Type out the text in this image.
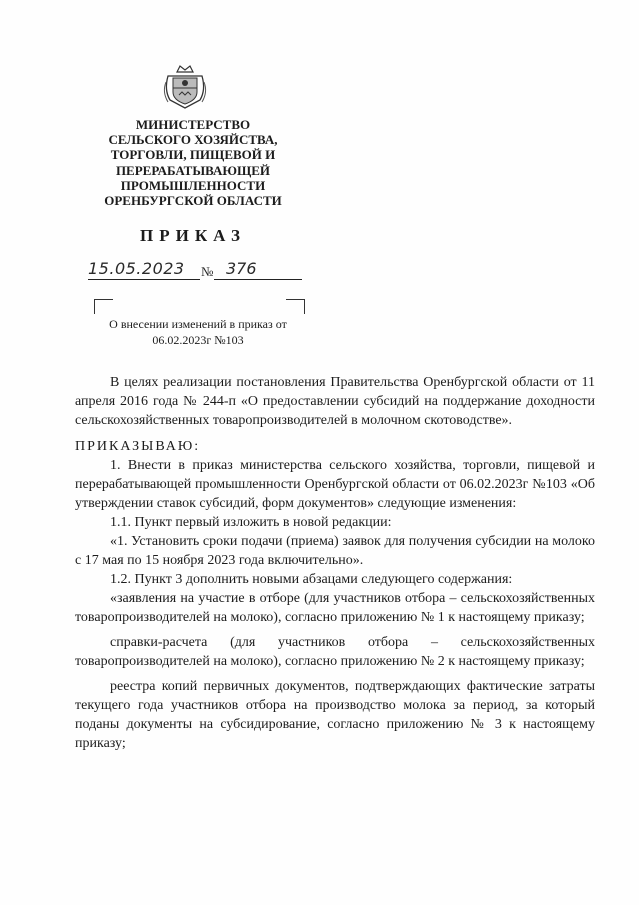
МИНИСТЕРСТВО
СЕЛЬСКОГО ХОЗЯЙСТВА,
ТОРГОВЛИ, ПИЩЕВОЙ И
ПЕРЕРАБАТЫВАЮЩЕЙ
ПРОМЫШЛЕННОСТИ
ОРЕНБУРГСКОЙ ОБЛАСТИ
ПРИКАЗ
15.05.2023 № 376
О внесении изменений в приказ от
06.02.2023г №103

В целях реализации постановления Правительства Оренбургской области от 11 апреля 2016 года № 244-п «О предоставлении субсидий на поддержание доходности сельскохозяйственных товаропроизводителей в молочном скотоводстве».

ПРИКАЗЫВАЮ:

1. Внести в приказ министерства сельского хозяйства, торговли, пищевой и перерабатывающей промышленности Оренбургской области от 06.02.2023г №103 «Об утверждении ставок субсидий, форм документов» следующие изменения:

1.1. Пункт первый изложить в новой редакции:

«1. Установить сроки подачи (приема) заявок для получения субсидии на молоко с 17 мая по 15 ноября 2023 года включительно».

1.2. Пункт 3 дополнить новыми абзацами следующего содержания:

«заявления на участие в отборе (для участников отбора – сельскохозяйственных товаропроизводителей на молоко), согласно приложению № 1 к настоящему приказу;

справки-расчета (для участников отбора – сельскохозяйственных товаропроизводителей на молоко), согласно приложению № 2 к настоящему приказу;

реестра копий первичных документов, подтверждающих фактические затраты текущего года участников отбора на производство молока за период, за который поданы документы на субсидирование, согласно приложению № 3 к настоящему приказу;
